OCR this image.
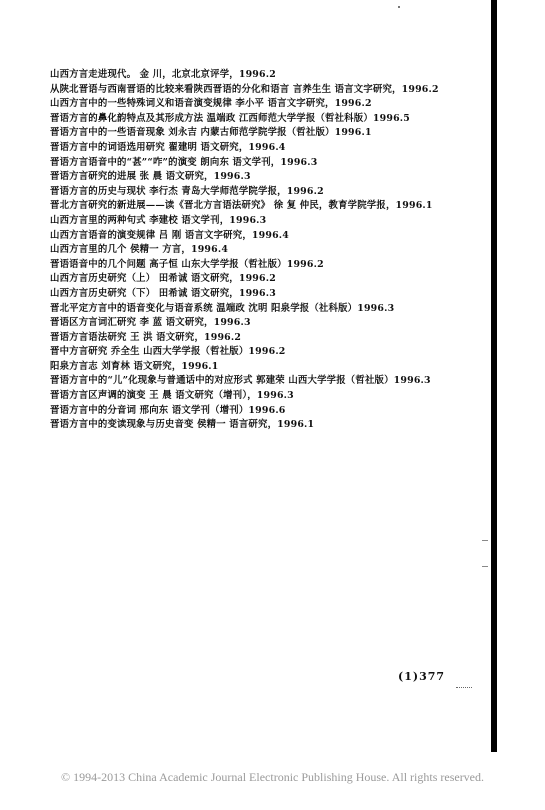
山西方言走进现代。 金 川，北京北京评学，1996.2
从陕北晋语与西南晋语的比较来看陕西晋语的分化和语言 言养生生 语言文字研究，1996.2
山西方言中的一些特殊词义和语音演变规律 李小平 语言文字研究，1996.2
晋语方言的鼻化韵特点及其形成方法 温端政 江西师范大学学报（哲社科版）1996.5
晋语方言中的一些语音现象 刘永吉 内蒙古师范学院学报（哲社版）1996.1
晋语方言中的词语选用研究 翟建明 语文研究，1996.4
晋语方言语音中的“甚”“咋”的演变 朗向东 语文学刊，1996.3
晋语方言研究的进展 张 晨 语文研究，1996.3
晋语方言的历史与现状 李行杰 青岛大学师范学院学报，1996.2
晋北方言研究的新进展——读《晋北方言语法研究》 徐 复 仲民，教育学院学报，1996.1
山西方言里的两种句式 李建校 语文学刊，1996.3
山西方言语音的演变规律 吕 刚 语言文字研究，1996.4
山西方言里的几个 侯精一 方言，1996.4
晋语语音中的几个问题 高子恒 山东大学学报（哲社版）1996.2
山西方言历史研究（上） 田希诚 语文研究，1996.2
山西方言历史研究（下） 田希诚 语文研究，1996.3
晋北平定方言中的语音变化与语音系统 温端政 沈明 阳泉学报（社科版）1996.3
晋语区方言词汇研究 李 蓝 语文研究，1996.3
晋语方言语法研究 王 洪 语文研究，1996.2
晋中方言研究 乔全生 山西大学学报（哲社版）1996.2
阳泉方言志 刘育林 语文研究，1996.1
晋语方言中的“儿”化现象与普通话中的对应形式 郭建荣 山西大学学报（哲社版）1996.3
晋语方言区声调的演变 王 晨 语文研究（增刊），1996.3
晋语方言中的分音词 邢向东 语文学刊（增刊）1996.6
晋语方言中的变读现象与历史音变 侯精一 语言研究，1996.1
(1)377
© 1994-2013 China Academic Journal Electronic Publishing House. All rights reserved.
